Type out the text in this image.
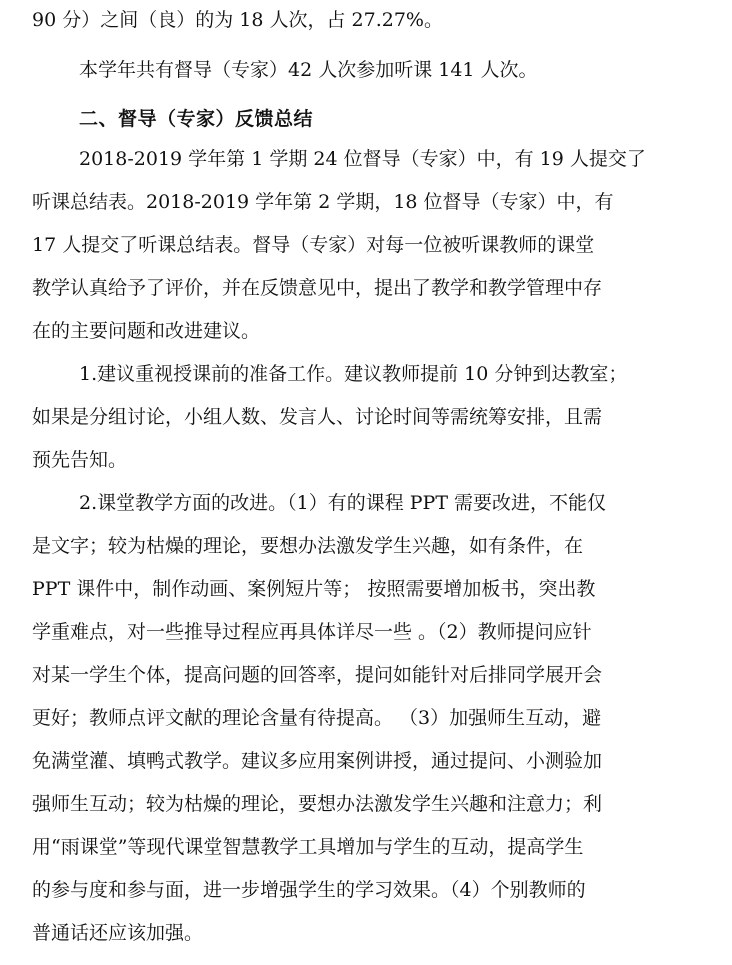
90 分）之间（良）的为 18 人次，占 27.27%。
本学年共有督导（专家）42 人次参加听课 141 人次。
二、督导（专家）反馈总结
2018-2019 学年第 1 学期 24 位督导（专家）中，有 19 人提交了
听课总结表。2018-2019 学年第 2 学期，18 位督导（专家）中，有
17 人提交了听课总结表。督导（专家）对每一位被听课教师的课堂
教学认真给予了评价，并在反馈意见中，提出了教学和教学管理中存
在的主要问题和改进建议。
1.建议重视授课前的准备工作。建议教师提前 10 分钟到达教室；
如果是分组讨论，小组人数、发言人、讨论时间等需统筹安排，且需
预先告知。
2.课堂教学方面的改进。（1）有的课程 PPT 需要改进，不能仅
是文字；较为枯燥的理论，要想办法激发学生兴趣，如有条件，在
PPT 课件中，制作动画、案例短片等； 按照需要增加板书，突出教
学重难点，对一些推导过程应再具体详尽一些 。（2）教师提问应针
对某一学生个体，提高问题的回答率，提问如能针对后排同学展开会
更好；教师点评文献的理论含量有待提高。 （3）加强师生互动，避
免满堂灌、填鸭式教学。建议多应用案例讲授，通过提问、小测验加
强师生互动；较为枯燥的理论，要想办法激发学生兴趣和注意力；利
用“雨课堂”等现代课堂智慧教学工具增加与学生的互动，提高学生
的参与度和参与面，进一步增强学生的学习效果。（4）个别教师的
普通话还应该加强。
